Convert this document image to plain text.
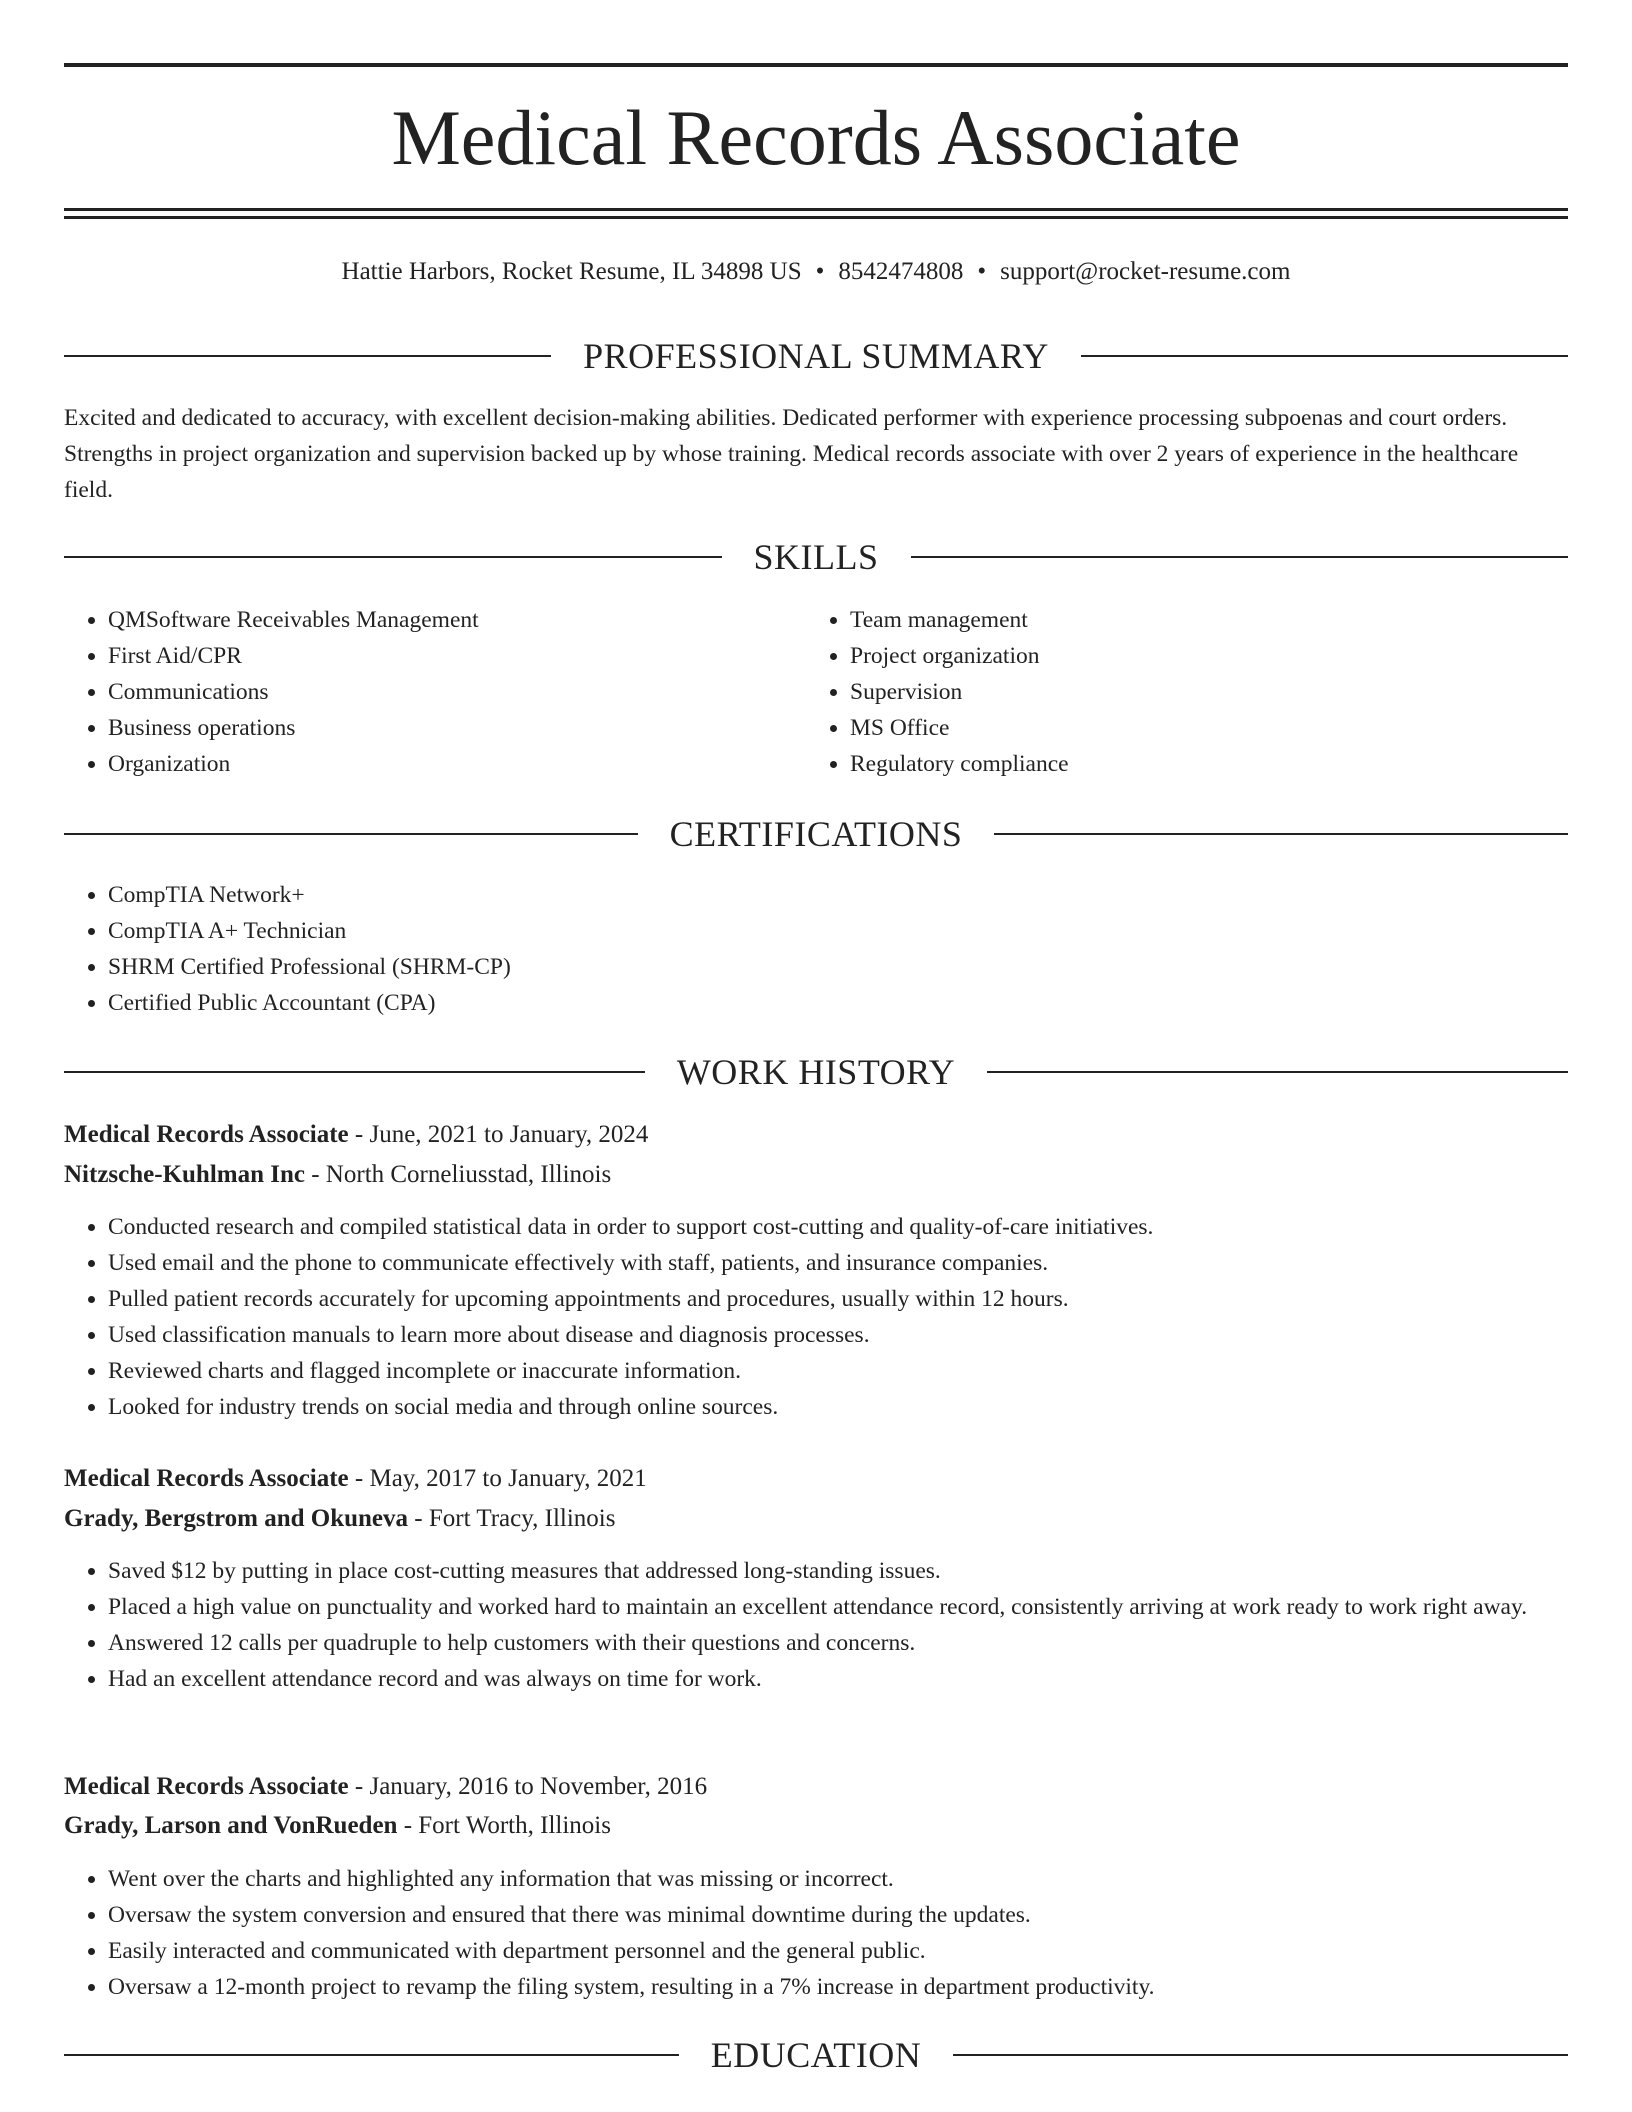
Medical Records Associate
Hattie Harbors, Rocket Resume, IL 34898 US • 8542474808 • support@rocket-resume.com
PROFESSIONAL SUMMARY
Excited and dedicated to accuracy, with excellent decision-making abilities. Dedicated performer with experience processing subpoenas and court orders. Strengths in project organization and supervision backed up by whose training. Medical records associate with over 2 years of experience in the healthcare field.
SKILLS
• QMSoftware Receivables Management
• First Aid/CPR
• Communications
• Business operations
• Organization
• Team management
• Project organization
• Supervision
• MS Office
• Regulatory compliance
CERTIFICATIONS
• CompTIA Network+
• CompTIA A+ Technician
• SHRM Certified Professional (SHRM-CP)
• Certified Public Accountant (CPA)
WORK HISTORY
Medical Records Associate - June, 2021 to January, 2024
Nitzsche-Kuhlman Inc - North Corneliusstad, Illinois
• Conducted research and compiled statistical data in order to support cost-cutting and quality-of-care initiatives.
• Used email and the phone to communicate effectively with staff, patients, and insurance companies.
• Pulled patient records accurately for upcoming appointments and procedures, usually within 12 hours.
• Used classification manuals to learn more about disease and diagnosis processes.
• Reviewed charts and flagged incomplete or inaccurate information.
• Looked for industry trends on social media and through online sources.
Medical Records Associate - May, 2017 to January, 2021
Grady, Bergstrom and Okuneva - Fort Tracy, Illinois
• Saved $12 by putting in place cost-cutting measures that addressed long-standing issues.
• Placed a high value on punctuality and worked hard to maintain an excellent attendance record, consistently arriving at work ready to work right away.
• Answered 12 calls per quadruple to help customers with their questions and concerns.
• Had an excellent attendance record and was always on time for work.
Medical Records Associate - January, 2016 to November, 2016
Grady, Larson and VonRueden - Fort Worth, Illinois
• Went over the charts and highlighted any information that was missing or incorrect.
• Oversaw the system conversion and ensured that there was minimal downtime during the updates.
• Easily interacted and communicated with department personnel and the general public.
• Oversaw a 12-month project to revamp the filing system, resulting in a 7% increase in department productivity.
EDUCATION
